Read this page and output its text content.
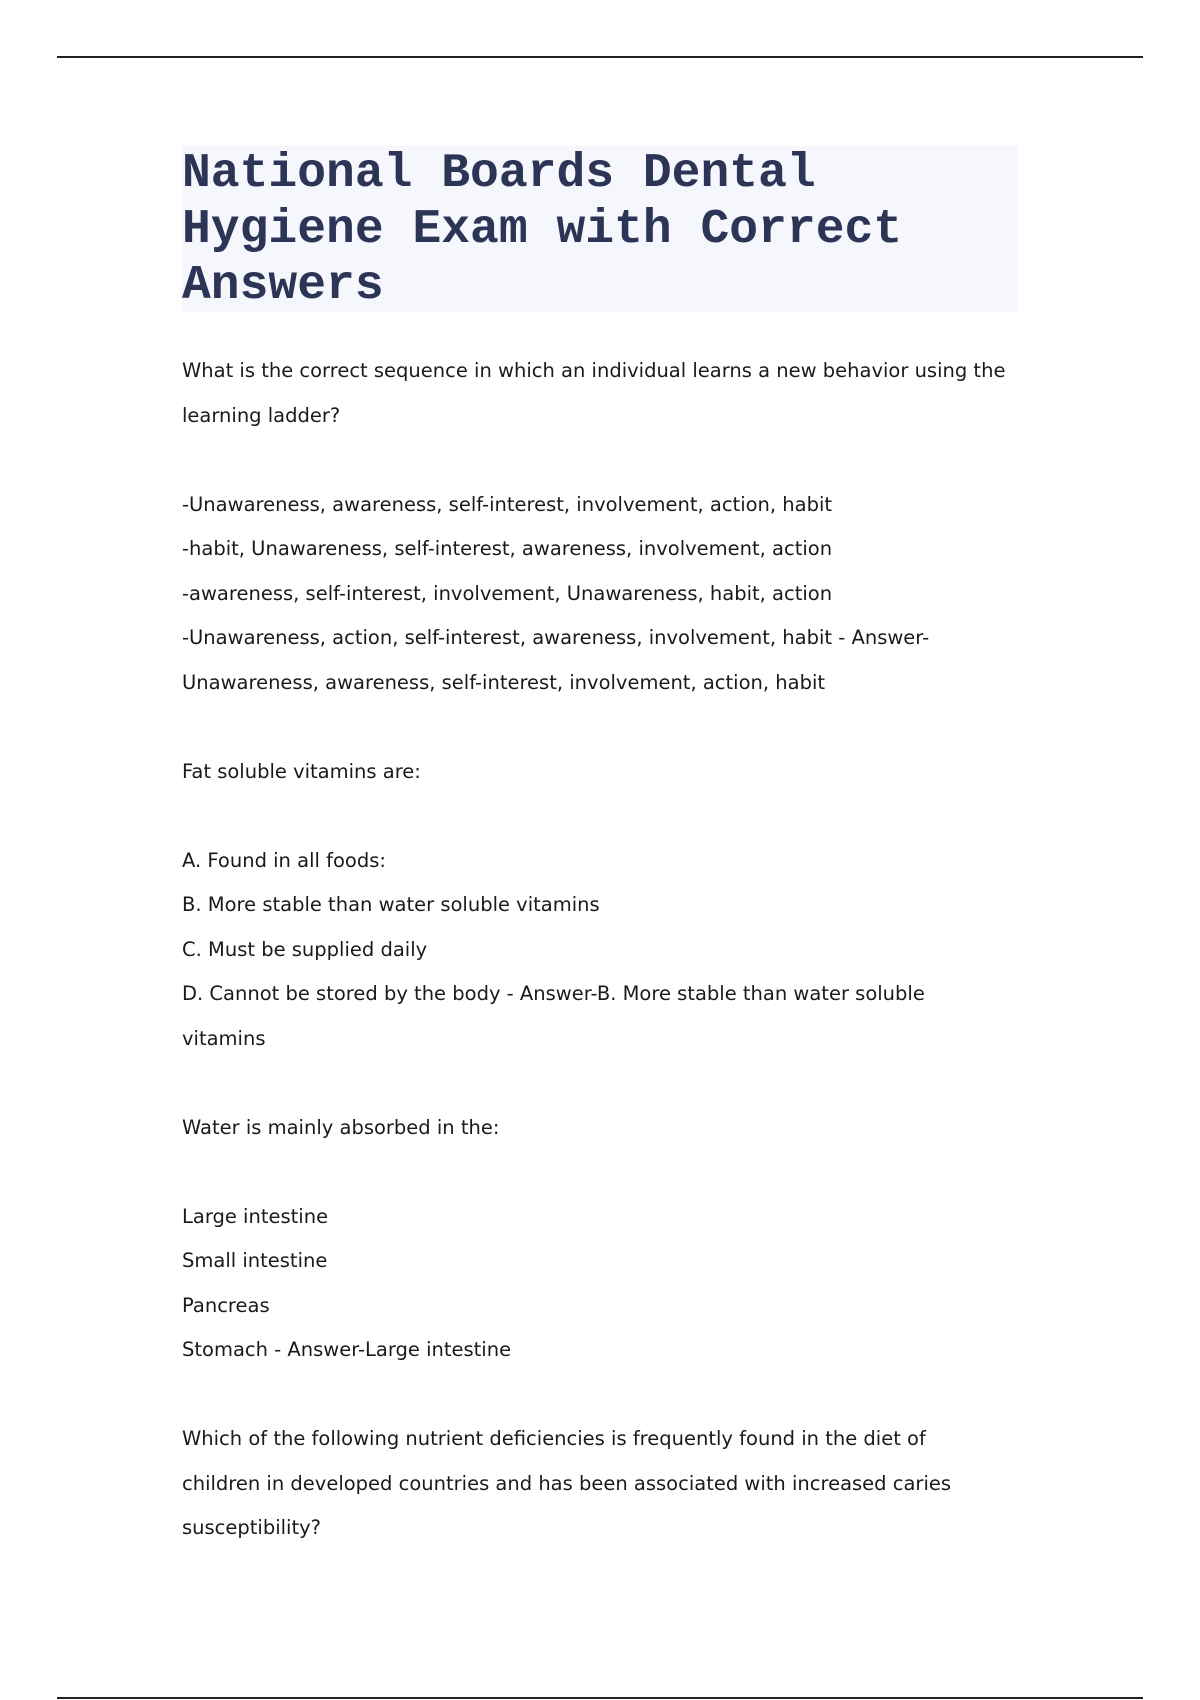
National Boards Dental
Hygiene Exam with Correct
Answers
What is the correct sequence in which an individual learns a new behavior using the
learning ladder?
-Unawareness, awareness, self-interest, involvement, action, habit
-habit, Unawareness, self-interest, awareness, involvement, action
-awareness, self-interest, involvement, Unawareness, habit, action
-Unawareness, action, self-interest, awareness, involvement, habit - Answer-
Unawareness, awareness, self-interest, involvement, action, habit
Fat soluble vitamins are:
A. Found in all foods:
B. More stable than water soluble vitamins
C. Must be supplied daily
D. Cannot be stored by the body - Answer-B. More stable than water soluble
vitamins
Water is mainly absorbed in the:
Large intestine
Small intestine
Pancreas
Stomach - Answer-Large intestine
Which of the following nutrient deficiencies is frequently found in the diet of
children in developed countries and has been associated with increased caries
susceptibility?
